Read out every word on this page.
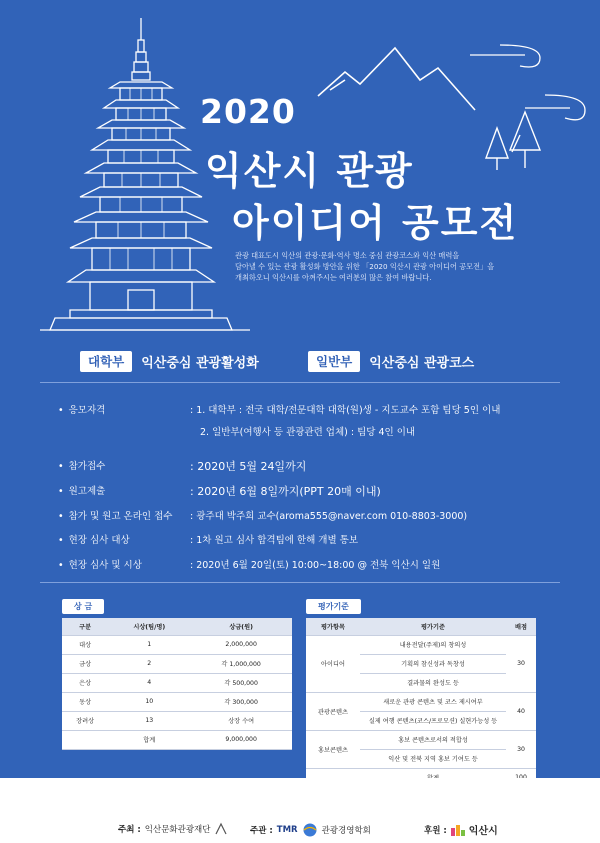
2020
익산시 관광
아이디어 공모전
관광 대표도시 익산의 관광·문화·역사 명소 중심 관광코스와 익산 매력을
담아낼 수 있는 관광 활성화 방안을 위한 「2020 익산시 관광 아이디어 공모전」을
개최하오니 익산시를 아껴주시는 여러분의 많은 참여 바랍니다.
대학부	익산중심 관광활성화	일반부	익산중심 관광코스
• 응모자격	: 1. 대학부 : 전국 대학/전문대학 대학(원)생 - 지도교수 포함 팀당 5인 이내
2. 일반부(여행사 등 관광관련 업체) : 팀당 4인 이내
• 참가접수	: 2020년 5월 24일까지
• 원고제출	: 2020년 6월 8일까지(PPT 20매 이내)
• 참가 및 원고 온라인 접수	: 광주대 박주희 교수(aroma555@naver.com 010-8803-3000)
• 현장 심사 대상	: 1차 원고 심사 합격팀에 한해 개별 통보
• 현장 심사 및 시상	: 2020년 6월 20일(토) 10:00~18:00 @ 전북 익산시 일원
상 금
구분	시상(팀/명)	상금(원)
대상	1	2,000,000
금상	2	각 1,000,000
은상	4	각 500,000
동상	10	각 300,000
장려상	13	상장 수여
	합계	9,000,000
평가기준
평가항목	평가기준	배점
아이디어	내용전달(주제)의 창의성	30
	기획의 참신성과 독창성	
	결과물의 완성도 등	
관광콘텐츠	새로운 관광 콘텐츠 및 코스 제시여부	40
	실제 여행 콘텐츠(코스/프로모션) 실현가능성 등	
홍보콘텐츠	홍보 콘텐츠로서의 적합성	30
	익산 및 전북 지역 홍보 기여도 등	

주최 : 익산문화관광재단	주관 : TMR	관광경영학회	후원 : 익산시
